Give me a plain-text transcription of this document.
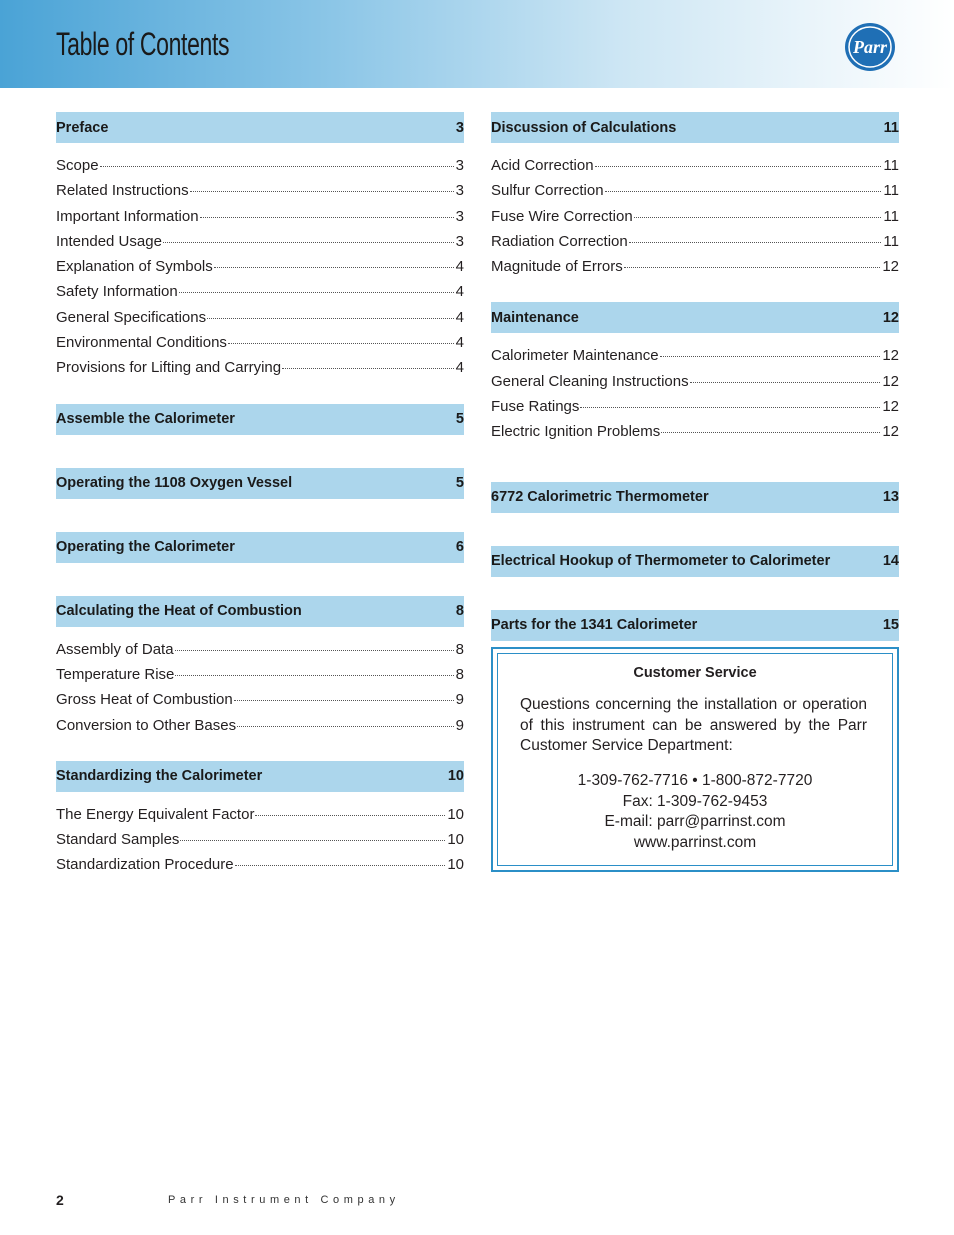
Table of Contents	Parr
Preface	3
Scope	3
Related Instructions	3
Important Information	3
Intended Usage	3
Explanation of Symbols	4
Safety Information	4
General Specifications	4
Environmental Conditions	4
Provisions for Lifting and Carrying	4
Assemble the Calorimeter	5
Operating the 1108 Oxygen Vessel	5
Operating the Calorimeter	6
Calculating the Heat of Combustion	8
Assembly of Data	8
Temperature Rise	8
Gross Heat of Combustion	9
Conversion to Other Bases	9
Standardizing the Calorimeter	10
The Energy Equivalent Factor	10
Standard Samples	10
Standardization Procedure	10
Discussion of Calculations	11
Acid Correction	11
Sulfur Correction	11
Fuse Wire Correction	11
Radiation Correction	11
Magnitude of Errors	12
Maintenance	12
Calorimeter Maintenance	12
General Cleaning Instructions	12
Fuse Ratings	12
Electric Ignition Problems	12
6772 Calorimetric Thermometer	13
Electrical Hookup of Thermometer to Calorimeter	14
Parts for the 1341 Calorimeter	15
Customer Service
Questions concerning the installation or operation of this instrument can be answered by the Parr Customer Service Department:
1-309-762-7716 • 1-800-872-7720
Fax: 1-309-762-9453
E-mail: parr@parrinst.com
www.parrinst.com
2	Parr Instrument Company
